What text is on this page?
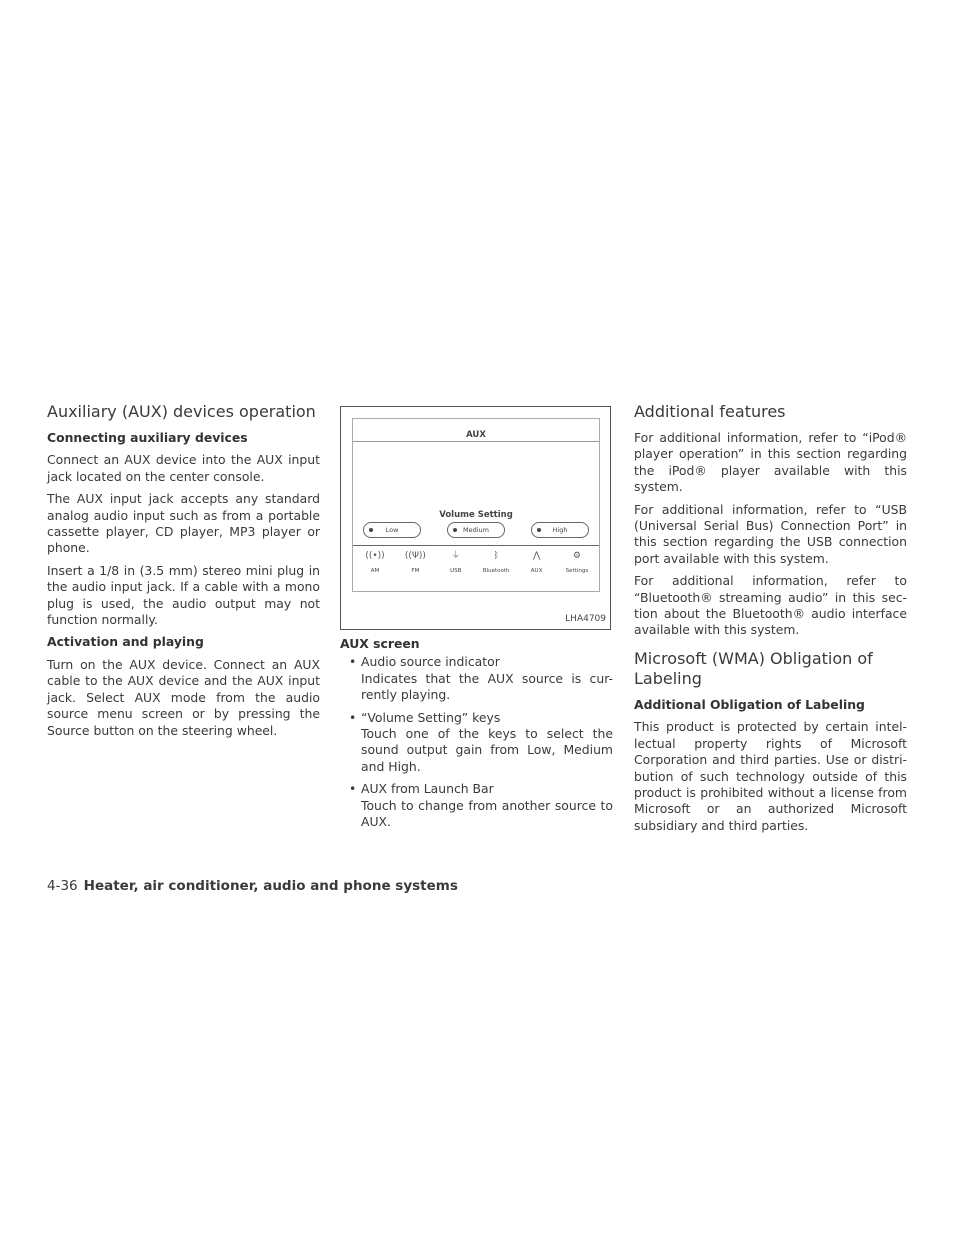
Auxiliary (AUX) devices operation
Connecting auxiliary devices

Connect an AUX device into the AUX input jack located on the center console.

The AUX input jack accepts any standard analog audio input such as from a portable cassette player, CD player, MP3 player or phone.

Insert a 1/8 in (3.5 mm) stereo mini plug in the audio input jack. If a cable with a mono plug is used, the audio output may not function normally.

Activation and playing

Turn on the AUX device. Connect an AUX cable to the AUX device and the AUX input jack. Select AUX mode from the audio source menu screen or by pressing the Source button on the steering wheel.

AUX
Volume Setting
Low	Medium	High
((•))
AM
((Ψ))
FM
⏚
USB
ᛒ
Bluetooth
⋀
AUX
⚙
Settings
LHA4709
AUX screen
• Audio source indicator
Indicates that the AUX source is cur-rently playing.
• “Volume Setting” keys
Touch one of the keys to select the sound output gain from Low, Medium and High.
• AUX from Launch Bar
Touch to change from another source to AUX.
Additional features

For additional information, refer to “iPod® player operation” in this section regarding the iPod® player available with this system.

For additional information, refer to “USB (Universal Serial Bus) Connection Port” in this section regarding the USB connection port available with this system.

For additional information, refer to “Bluetooth® streaming audio” in this sec-tion about the Bluetooth® audio interface available with this system.

Microsoft (WMA) Obligation of Labeling
Additional Obligation of Labeling

This product is protected by certain intel-lectual property rights of Microsoft Corporation and third parties. Use or distri-bution of such technology outside of this product is prohibited without a license from Microsoft or an authorized Microsoft subsidiary and third parties.

4-36 Heater, air conditioner, audio and phone systems
